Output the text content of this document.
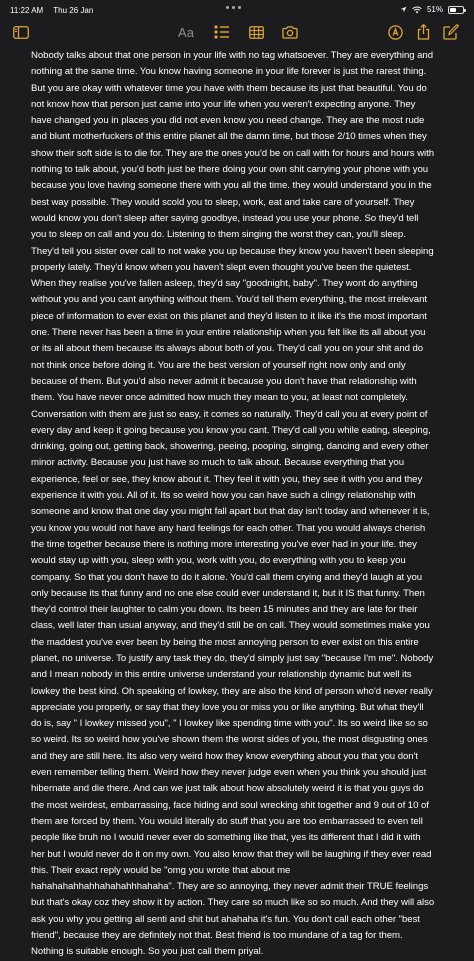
11:22 AM Thu 26 Jan	51%
Aa

Nobody talks about that one person in your life with no tag whatsoever. They are everything and nothing at the same time. You know having someone in your life forever is just the rarest thing. But you are okay with whatever time you have with them because its just that beautiful. You do not know how that person just came into your life when you weren't expecting anyone. They have changed you in places you did not even know you need change. They are the most rude and blunt motherfuckers of this entire planet all the damn time, but those 2/10 times when they show their soft side is to die for. They are the ones you'd be on call with for hours and hours with nothing to talk about, you'd both just be there doing your own shit carrying your phone with you because you love having someone there with you all the time. they would understand you in the best way possible. They would scold you to sleep, work, eat and take care of yourself. They would know you don't sleep after saying goodbye, instead you use your phone. So they'd tell you to sleep on call and you do. Listening to them singing the worst they can, you'll sleep. They'd tell you sister over call to not wake you up because they know you haven't been sleeping properly lately. They'd know when you haven't slept even thought you've been the quietest. When they realise you've fallen asleep, they'd say "goodnight, baby". They wont do anything without you and you cant anything without them. You'd tell them everything, the most irrelevant piece of information to ever exist on this planet and they'd listen to it like it's the most important one. There never has been a time in your entire relationship when you felt like its all about you or its all about them because its always about both of you. They'd call you on your shit and do not think once before doing it. You are the best version of yourself right now only and only because of them. But you'd also never admit it because you don't have that relationship with them. You have never once admitted how much they mean to you, at least not completely. Conversation with them are just so easy, it comes so naturally. They'd call you at every point of every day and keep it going because you know you cant. They'd call you while eating, sleeping, drinking, going out, getting back, showering, peeing, pooping, singing, dancing and every other minor activity. Because you just have so much to talk about. Because everything that you experience, feel or see, they know about it. They feel it with you, they see it with you and they experience it with you. All of it. Its so weird how you can have such a clingy relationship with someone and know that one day you might fall apart but that day isn't today and whenever it is, you know you would not have any hard feelings for each other. That you would always cherish the time together because there is nothing more interesting you've ever had in your life. they would stay up with you, sleep with you, work with you, do everything with you to keep you company. So that you don't have to do it alone. You'd call them crying and they'd laugh at you only because its that funny and no one else could ever understand it, but it IS that funny. Then they'd control their laughter to calm you down. Its been 15 minutes and they are late for their class, well later than usual anyway, and they'd still be on call. They would sometimes make you the maddest you've ever been by being the most annoying person to ever exist on this entire planet, no universe. To justify any task they do, they'd simply just say "because I'm me". Nobody and I mean nobody in this entire universe understand your relationship dynamic but well its lowkey the best kind. Oh speaking of lowkey, they are also the kind of person who'd never really appreciate you properly, or say that they love you or miss you or like anything. But what they'll do is, say " I lowkey missed you", " I lowkey like spending time with you". Its so weird like so so so weird. Its so weird how you've shown them the worst sides of you, the most disgusting ones and they are still here. Its also very weird how they know everything about you that you don't even remember telling them. Weird how they never judge even when you think you should just hibernate and die there. And can we just talk about how absolutely weird it is that you guys do the most weirdest, embarrassing, face hiding and soul wrecking shit together and 9 out of 10 of them are forced by them. You would literally do stuff that you are too embarrassed to even tell people like bruh no I would never ever do something like that, yes its different that I did it with her but I would never do it on my own. You also know that they will be laughing if they ever read this. Their exact reply would be "omg you wrote that about me hahahahahhahhahahahhhahaha". They are so annoying, they never admit their TRUE feelings but that's okay coz they show it by action. They care so much like so so much. And they will also ask you why you getting all senti and shit but ahahaha it's fun. You don't call each other "best friend", because they are definitely not that. Best friend is too mundane of a tag for them. Nothing is suitable enough. So you just call them priyal.
